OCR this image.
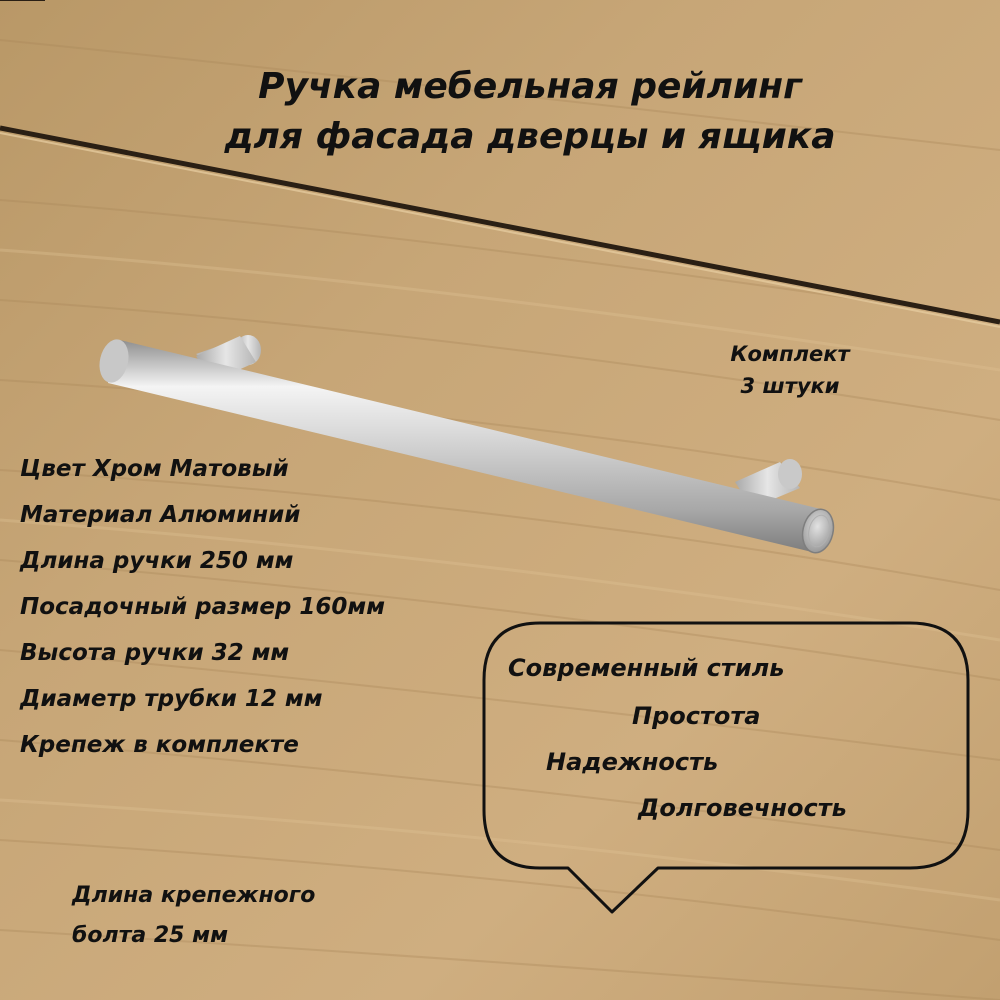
Ручка мебельная рейлинг
для фасада дверцы и ящика
Комплект
3 штуки
Цвет Хром Матовый
Материал Алюминий
Длина ручки 250 мм
Посадочный размер 160мм
Высота ручки 32 мм
Диаметр трубки 12 мм
Крепеж в комплекте
Современный стиль
Простота
Надежность
Долговечность
Длина крепежного
болта 25 мм
